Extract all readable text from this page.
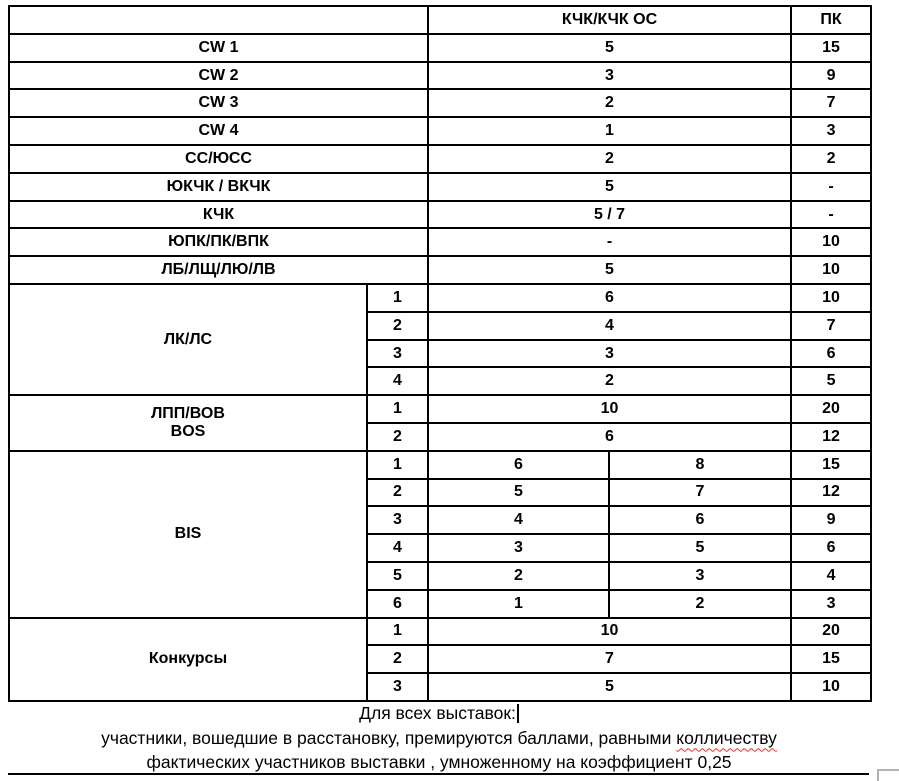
		КЧК/КЧК ОС		ПК
CW 1		5		15
CW 2		3		9
CW 3		2		7
CW 4		1		3
СС/ЮСС		2		2
ЮКЧК / ВКЧК		5		-
КЧК		5 / 7		-
ЮПК/ПК/ВПК		-		10
ЛБ/ЛЩ/ЛЮ/ЛВ		5		10
ЛК/ЛС	1	6		10
	2	4		7
	3	3		6
	4	2		5
ЛПП/ВОВ
BOS	1	10		20
	2	6		12
BIS	1	6	8	15
	2	5	7	12
	3	4	6	9
	4	3	5	6
	5	2	3	4
	6	1	2	3
Конкурсы	1	10		20
	2	7		15
	3	5		10
Для всех выставок:
участники, вошедшие в расстановку, премируются баллами, равными колличеству
фактических участников выставки , умноженному на коэффициент 0,25
